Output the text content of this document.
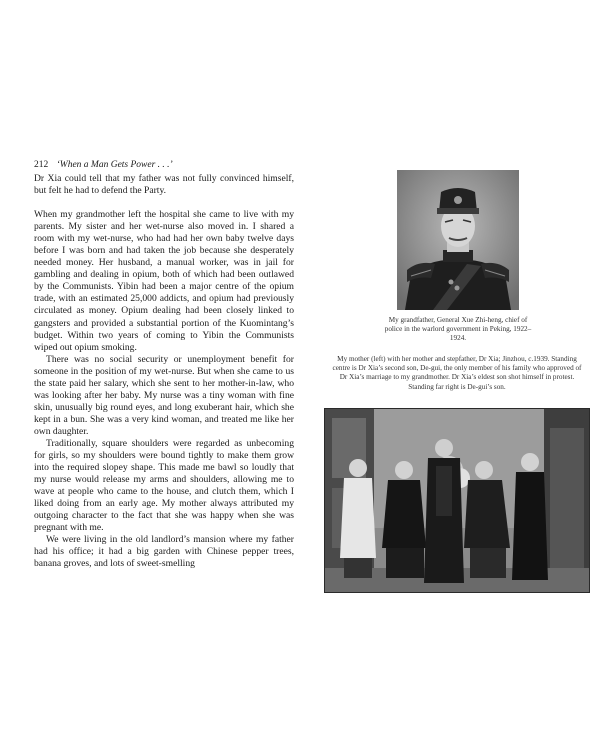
212 ‘When a Man Gets Power . . .’

Dr Xia could tell that my father was not fully convinced himself, but felt he had to defend the Party.

When my grandmother left the hospital she came to live with my parents. My sister and her wet-nurse also moved in. I shared a room with my wet-nurse, who had had her own baby twelve days before I was born and had taken the job because she desperately needed money. Her husband, a manual worker, was in jail for gambling and dealing in opium, both of which had been outlawed by the Communists. Yibin had been a major centre of the opium trade, with an estimated 25,000 addicts, and opium had previously circulated as money. Opium dealing had been closely linked to gangsters and provided a substantial portion of the Kuomintang’s budget. Within two years of coming to Yibin the Communists wiped out opium smoking.

There was no social security or unemployment benefit for someone in the position of my wet-nurse. But when she came to us the state paid her salary, which she sent to her mother-in-law, who was looking after her baby. My nurse was a tiny woman with fine skin, unusually big round eyes, and long exuberant hair, which she kept in a bun. She was a very kind woman, and treated me like her own daughter.

Traditionally, square shoulders were regarded as unbecoming for girls, so my shoulders were bound tightly to make them grow into the required slopey shape. This made me bawl so loudly that my nurse would release my arms and shoulders, allowing me to wave at people who came to the house, and clutch them, which I liked doing from an early age. My mother always attributed my outgoing character to the fact that she was happy when she was pregnant with me.

We were living in the old landlord’s mansion where my father had his office; it had a big garden with Chinese pepper trees, banana groves, and lots of sweet-smelling

My grandfather, General Xue Zhi-heng, chief of police in the warlord government in Peking, 1922–1924.
My mother (left) with her mother and stepfather, Dr Xia; Jinzhou, c.1939. Standing centre is Dr Xia’s second son, De-gui, the only member of his family who approved of Dr Xia’s marriage to my grandmother. Dr Xia’s eldest son shot himself in protest. Standing far right is De-gui’s son.
